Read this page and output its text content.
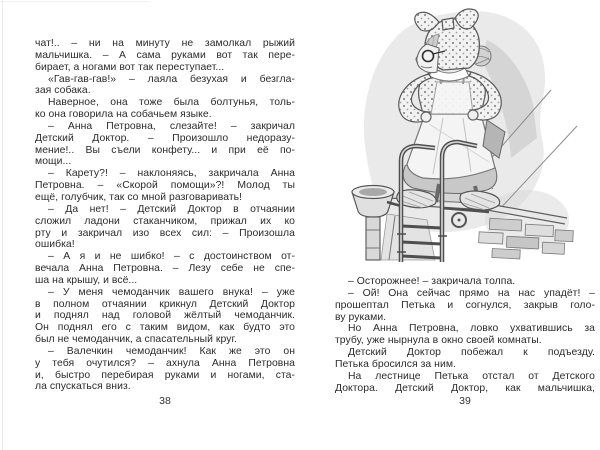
чат!.. – ни на минуту не замолкал рыжий
мальчишка. – А сама руками вот так пере-
бирает, а ногами вот так переступает...
«Гав-гав-гав!» – лаяла безухая и безгла-
зая собака.
Наверное, она тоже была болтунья, толь-
ко она говорила на собачьем языке.
– Анна Петровна, слезайте! – закричал
Детский Доктор. – Произошло недоразу-
мение!.. Вы съели конфету... и при её по-
мощи...
– Карету?! – наклоняясь, закричала Анна
Петровна. – «Скорой помощи»?! Молод ты
ещё, голубчик, так со мной разговаривать!
– Да нет! – Детский Доктор в отчаянии
сложил ладони стаканчиком, прижал их ко
рту и закричал изо всех сил: – Произошла
ошибка!
– А я и не шибко! – с достоинством от-
вечала Анна Петровна. – Лезу себе не спе-
ша на крышу, и всё...
– У меня чемоданчик вашего внука! – уже
в полном отчаянии крикнул Детский Доктор
и поднял над головой жёлтый чемоданчик.
Он поднял его с таким видом, как будто это
был не чемоданчик, а спасательный круг.
– Валечкин чемоданчик! Как же это он
у тебя очутился? – ахнула Анна Петровна
и, быстро перебирая руками и ногами, ста-
ла спускаться вниз.
38
– Осторожнее! – закричала толпа.
– Ой! Она сейчас прямо на нас упадёт! –
прошептал Петька и согнулся, закрыв голо-
ву руками.
Но Анна Петровна, ловко ухватившись за
трубу, уже нырнула в окно своей комнаты.
Детский Доктор побежал к подъезду.
Петька бросился за ним.
На лестнице Петька отстал от Детского
Доктора. Детский Доктор, как мальчишка,
39
